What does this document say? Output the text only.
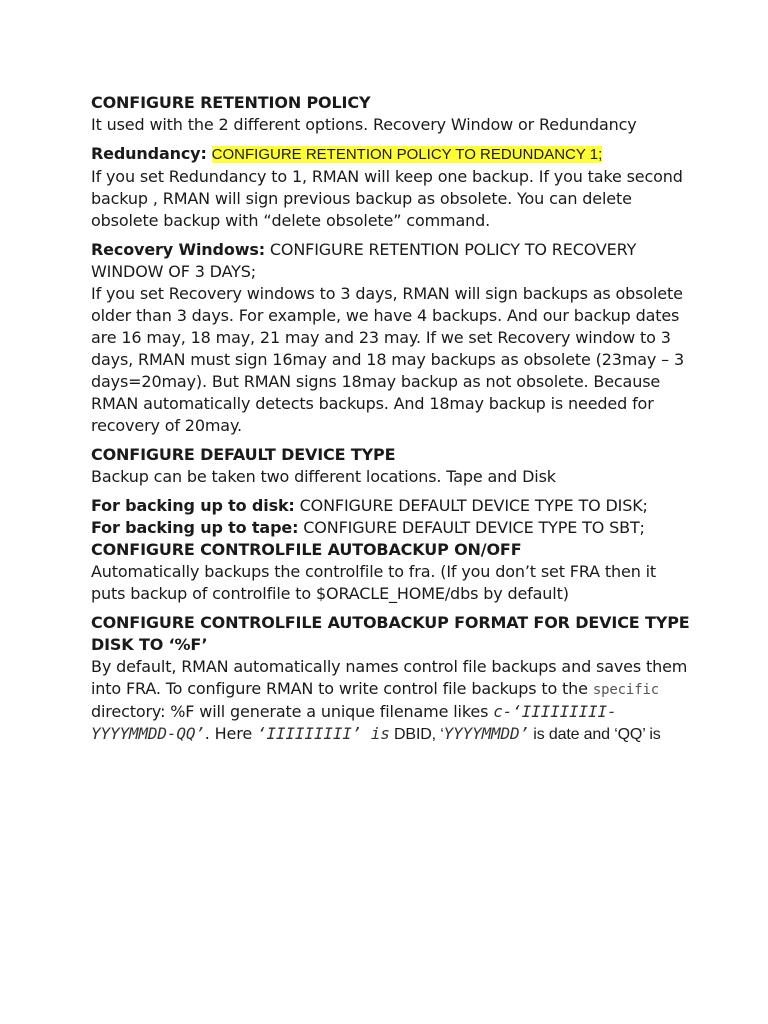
CONFIGURE RETENTION POLICY
It used with the 2 different options. Recovery Window or Redundancy

Redundancy: CONFIGURE RETENTION POLICY TO REDUNDANCY 1;
If you set Redundancy to 1, RMAN will keep one backup. If you take second backup , RMAN will sign previous backup as obsolete. You can delete obsolete backup with “delete obsolete” command.

Recovery Windows: CONFIGURE RETENTION POLICY TO RECOVERY WINDOW OF 3 DAYS;
If you set Recovery windows to 3 days, RMAN will sign backups as obsolete older than 3 days. For example, we have 4 backups. And our backup dates are 16 may, 18 may, 21 may and 23 may. If we set Recovery window to 3 days, RMAN must sign 16may and 18 may backups as obsolete (23may – 3 days=20may). But RMAN signs 18may backup as not obsolete. Because RMAN automatically detects backups. And 18may backup is needed for recovery of 20may.

CONFIGURE DEFAULT DEVICE TYPE
Backup can be taken two different locations. Tape and Disk

For backing up to disk: CONFIGURE DEFAULT DEVICE TYPE TO DISK;
For backing up to tape: CONFIGURE DEFAULT DEVICE TYPE TO SBT;
CONFIGURE CONTROLFILE AUTOBACKUP ON/OFF
Automatically backups the controlfile to fra. (If you don’t set FRA then it puts backup of controlfile to $ORACLE_HOME/dbs by default)

CONFIGURE CONTROLFILE AUTOBACKUP FORMAT FOR DEVICE TYPE DISK TO ‘%F’
By default, RMAN automatically names control file backups and saves them into FRA. To configure RMAN to write control file backups to the specific directory: %F will generate a unique filename likes c-‘IIIIIIIII-YYYYMMDD-QQ’. Here ‘IIIIIIIII’ is DBID, ‘YYYYMMDD’ is date and ‘QQ’ is
